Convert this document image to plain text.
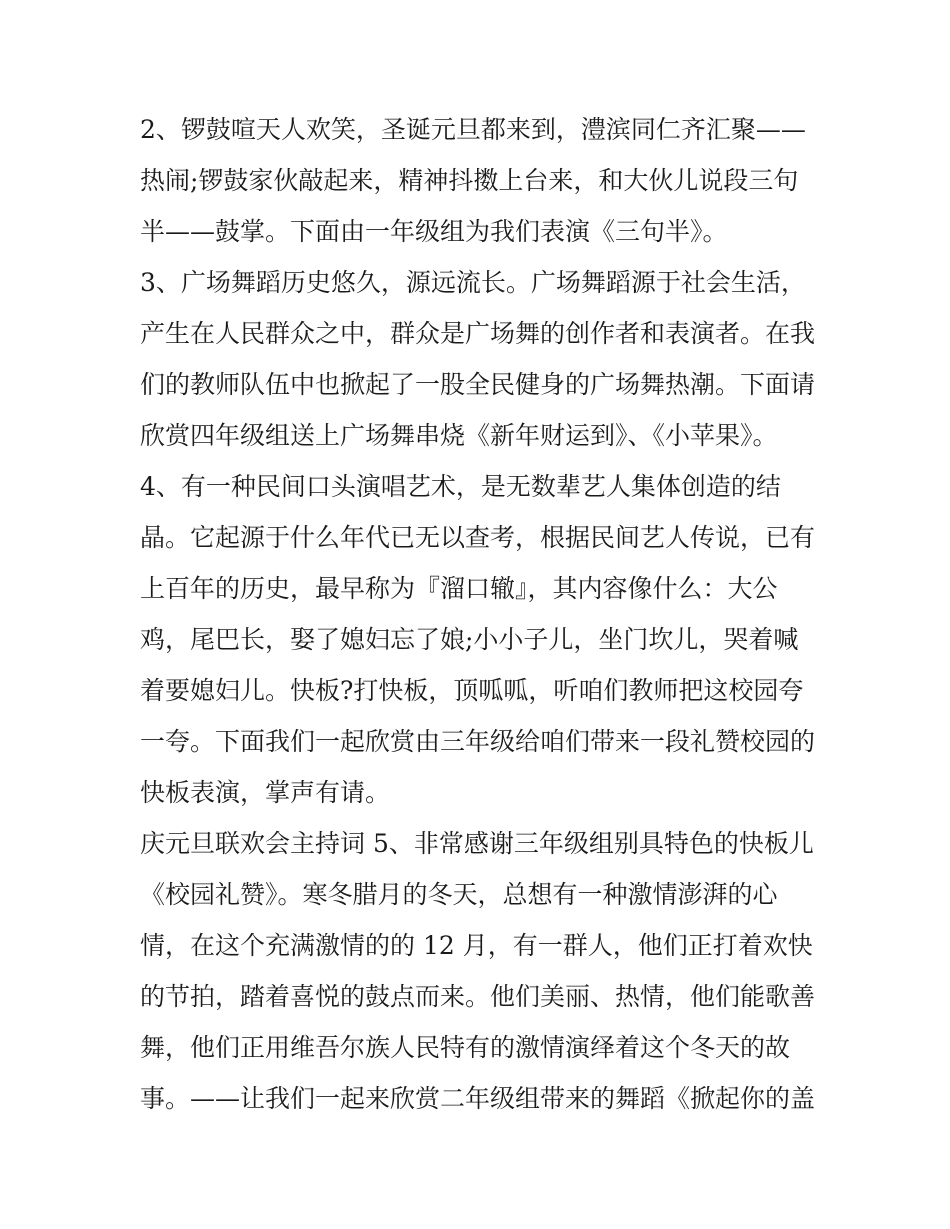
2、锣鼓喧天人欢笑，圣诞元旦都来到，澧滨同仁齐汇聚——

热闹;锣鼓家伙敲起来，精神抖擞上台来，和大伙儿说段三句

半——鼓掌。下面由一年级组为我们表演《三句半》。

3、广场舞蹈历史悠久，源远流长。广场舞蹈源于社会生活，

产生在人民群众之中，群众是广场舞的创作者和表演者。在我

们的教师队伍中也掀起了一股全民健身的广场舞热潮。下面请

欣赏四年级组送上广场舞串烧《新年财运到》、《小苹果》。

4、有一种民间口头演唱艺术，是无数辈艺人集体创造的结

晶。它起源于什么年代已无以查考，根据民间艺人传说，已有

上百年的历史，最早称为『溜口辙』，其内容像什么：大公

鸡，尾巴长，娶了媳妇忘了娘;小小子儿，坐门坎儿，哭着喊

着要媳妇儿。快板?打快板，顶呱呱，听咱们教师把这校园夸

一夸。下面我们一起欣赏由三年级给咱们带来一段礼赞校园的

快板表演，掌声有请。

庆元旦联欢会主持词 5、非常感谢三年级组别具特色的快板儿

《校园礼赞》。寒冬腊月的冬天，总想有一种激情澎湃的心

情，在这个充满激情的的 12 月，有一群人，他们正打着欢快

的节拍，踏着喜悦的鼓点而来。他们美丽、热情，他们能歌善

舞，他们正用维吾尔族人民特有的激情演绎着这个冬天的故

事。——让我们一起来欣赏二年级组带来的舞蹈《掀起你的盖
